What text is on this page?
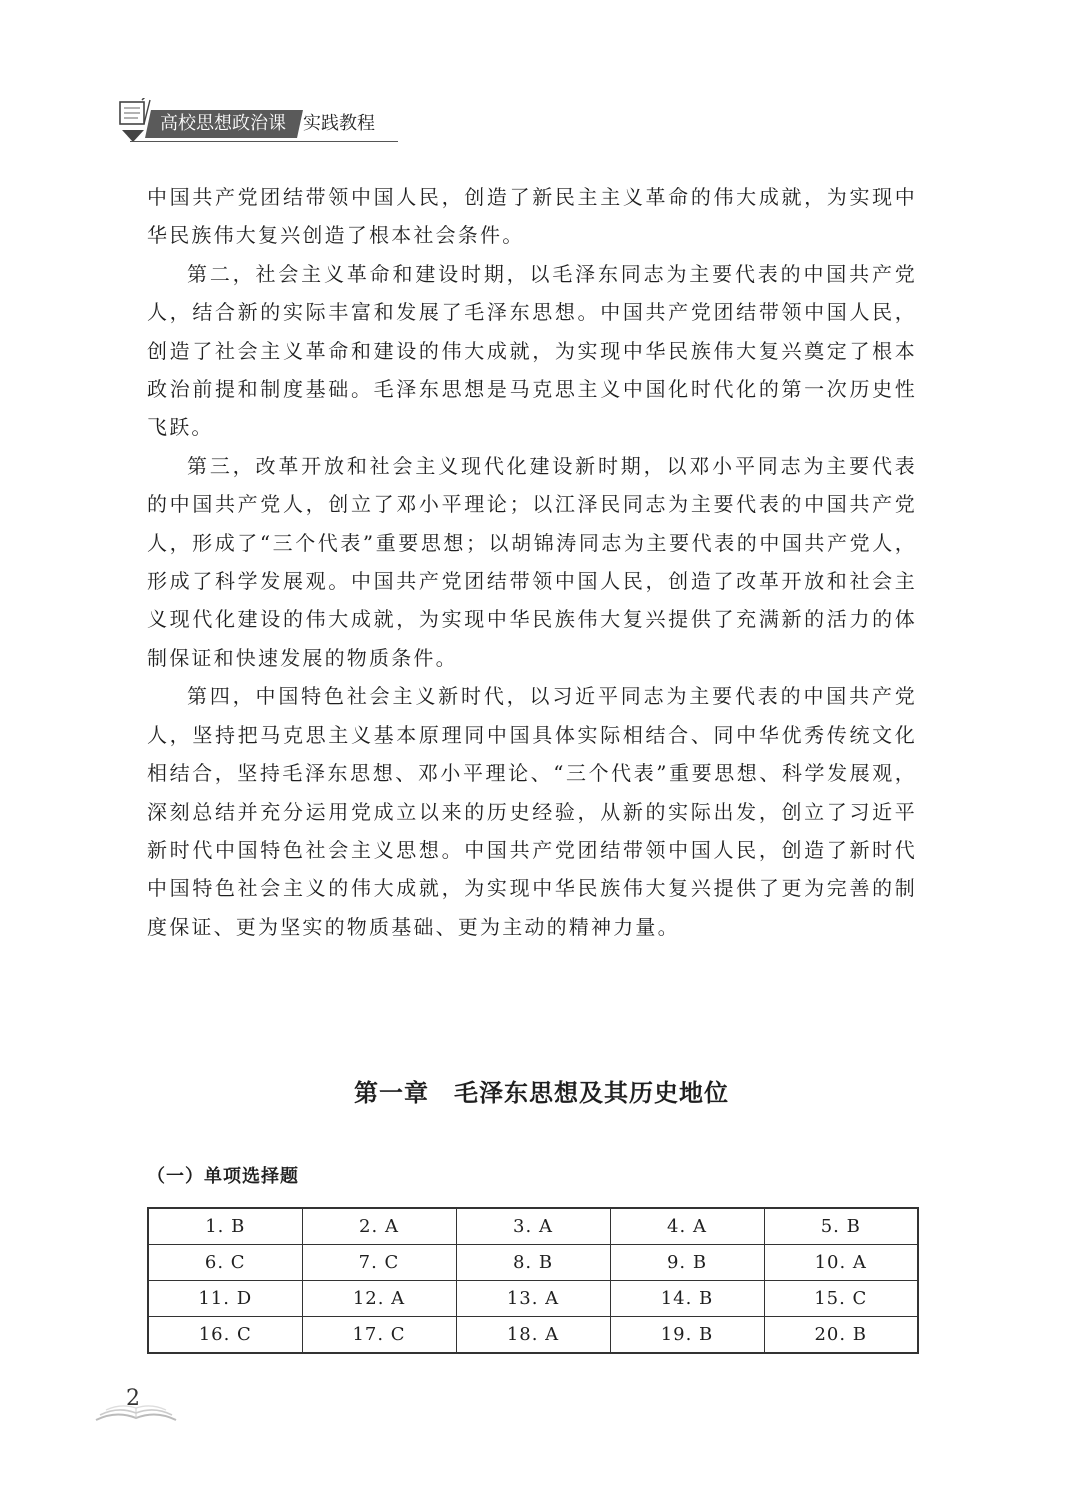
高校思想政治课 实践教程

中国共产党团结带领中国人民，创造了新民主主义革命的伟大成就，为实现中华民族伟大复兴创造了根本社会条件。

第二，社会主义革命和建设时期，以毛泽东同志为主要代表的中国共产党人，结合新的实际丰富和发展了毛泽东思想。中国共产党团结带领中国人民，创造了社会主义革命和建设的伟大成就，为实现中华民族伟大复兴奠定了根本政治前提和制度基础。毛泽东思想是马克思主义中国化时代化的第一次历史性飞跃。

第三，改革开放和社会主义现代化建设新时期，以邓小平同志为主要代表的中国共产党人，创立了邓小平理论；以江泽民同志为主要代表的中国共产党人，形成了“三个代表”重要思想；以胡锦涛同志为主要代表的中国共产党人，形成了科学发展观。中国共产党团结带领中国人民，创造了改革开放和社会主义现代化建设的伟大成就，为实现中华民族伟大复兴提供了充满新的活力的体制保证和快速发展的物质条件。

第四，中国特色社会主义新时代，以习近平同志为主要代表的中国共产党人，坚持把马克思主义基本原理同中国具体实际相结合、同中华优秀传统文化相结合，坚持毛泽东思想、邓小平理论、“三个代表”重要思想、科学发展观，深刻总结并充分运用党成立以来的历史经验，从新的实际出发，创立了习近平新时代中国特色社会主义思想。中国共产党团结带领中国人民，创造了新时代中国特色社会主义的伟大成就，为实现中华民族伟大复兴提供了更为完善的制度保证、更为坚实的物质基础、更为主动的精神力量。

第一章　毛泽东思想及其历史地位
（一）单项选择题
1. B	2. A	3. A	4. A	5. B
6. C	7. C	8. B	9. B	10. A
11. D	12. A	13. A	14. B	15. C
16. C	17. C	18. A	19. B	20. B
2
